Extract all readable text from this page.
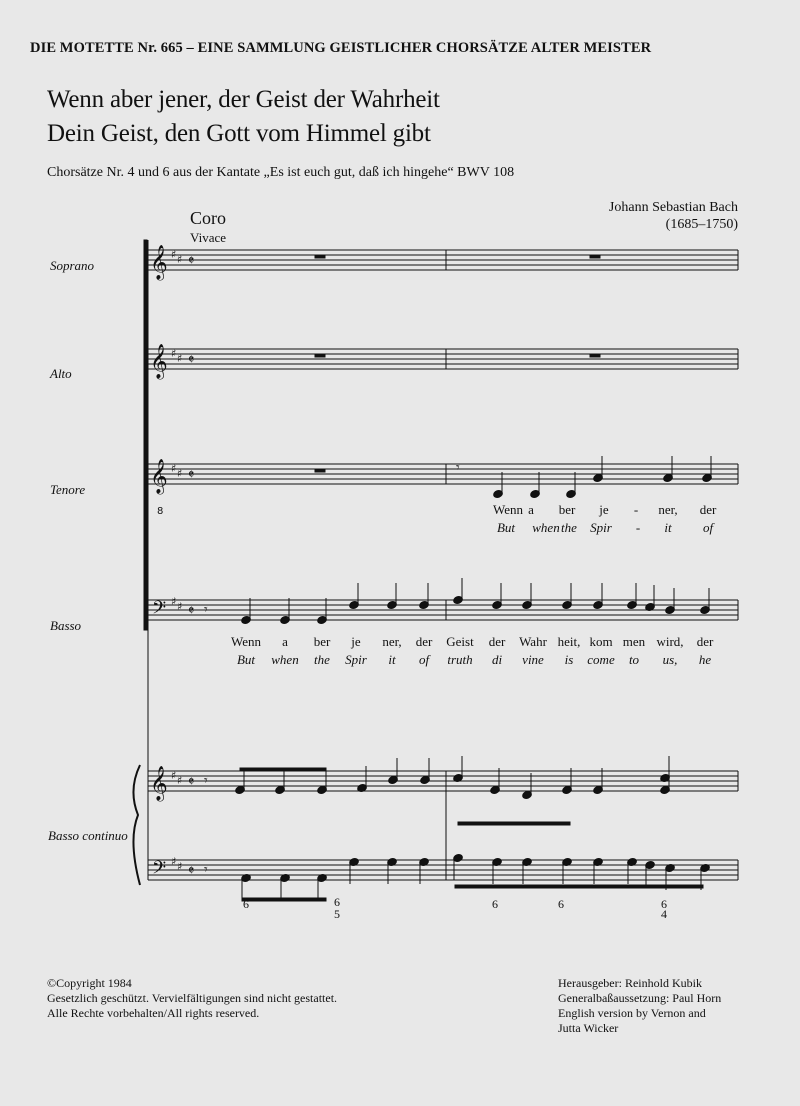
DIE MOTETTE Nr. 665 – EINE SAMMLUNG GEISTLICHER CHORSÄTZE ALTER MEISTER
Wenn aber jener, der Geist der Wahrheit
Dein Geist, den Gott vom Himmel gibt
Chorsätze Nr. 4 und 6 aus der Kantate „Es ist euch gut, daß ich hingehe“ BWV 108
Johann Sebastian Bach
(1685–1750)
Coro
Vivace
Soprano
Alto
Tenore
Basso
Basso continuo
𝄞 ♯ ♯ 𝄵
𝄞 ♯ ♯ 𝄵
𝄞 ♯ ♯ 𝄵
𝄞 ♯ ♯ 𝄵
𝄢 ♯ ♯ 𝄵
𝄢 ♯ ♯ 𝄵
8
𝄾
𝄾
𝄾
𝄾
Wenn a ber je - ner, der
But when the Spir - it of
Wenn a ber je ner, der Geist der Wahr heit, kom men wird, der
But when the Spir it of truth di vine is come to us, he
6	6
5
6	6	6
4
©Copyright 1984
Gesetzlich geschützt. Vervielfältigungen sind nicht gestattet.
Alle Rechte vorbehalten/All rights reserved.
Herausgeber: Reinhold Kubik
Generalbaßaussetzung: Paul Horn
English version by Vernon and
Jutta Wicker
